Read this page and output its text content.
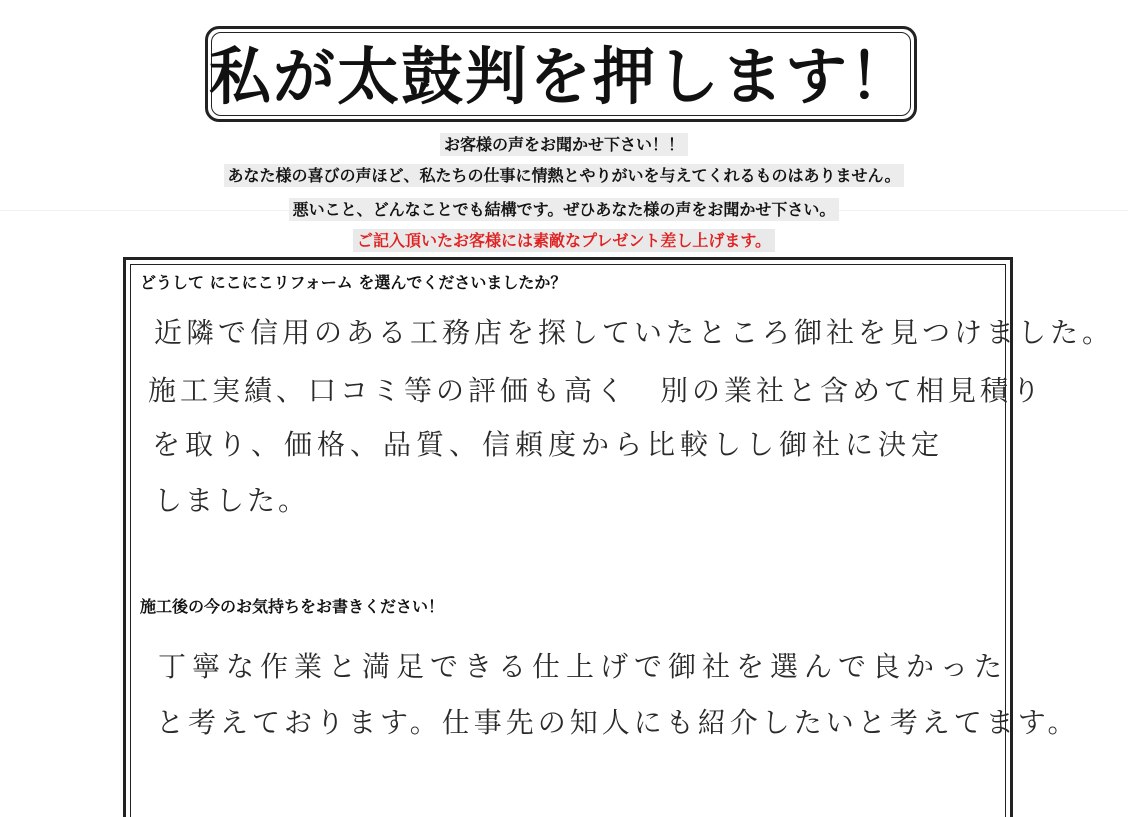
私が太鼓判を押します！
お客様の声をお聞かせ下さい！！
あなた様の喜びの声ほど、私たちの仕事に情熱とやりがいを与えてくれるものはありません。
悪いこと、どんなことでも結構です。ぜひあなた様の声をお聞かせ下さい。
ご記入頂いたお客様には素敵なプレゼント差し上げます。
どうして にこにこリフォーム を選んでくださいましたか？
近隣で信用のある工務店を探していたところ御社を見つけました。
施工実績、口コミ等の評価も高く　別の業社と含めて相見積り
を取り、価格、品質、信頼度から比較しし御社に決定
しました。
施工後の今のお気持ちをお書きください！
丁寧な作業と満足できる仕上げで御社を選んで良かった
と考えております。仕事先の知人にも紹介したいと考えてます。
